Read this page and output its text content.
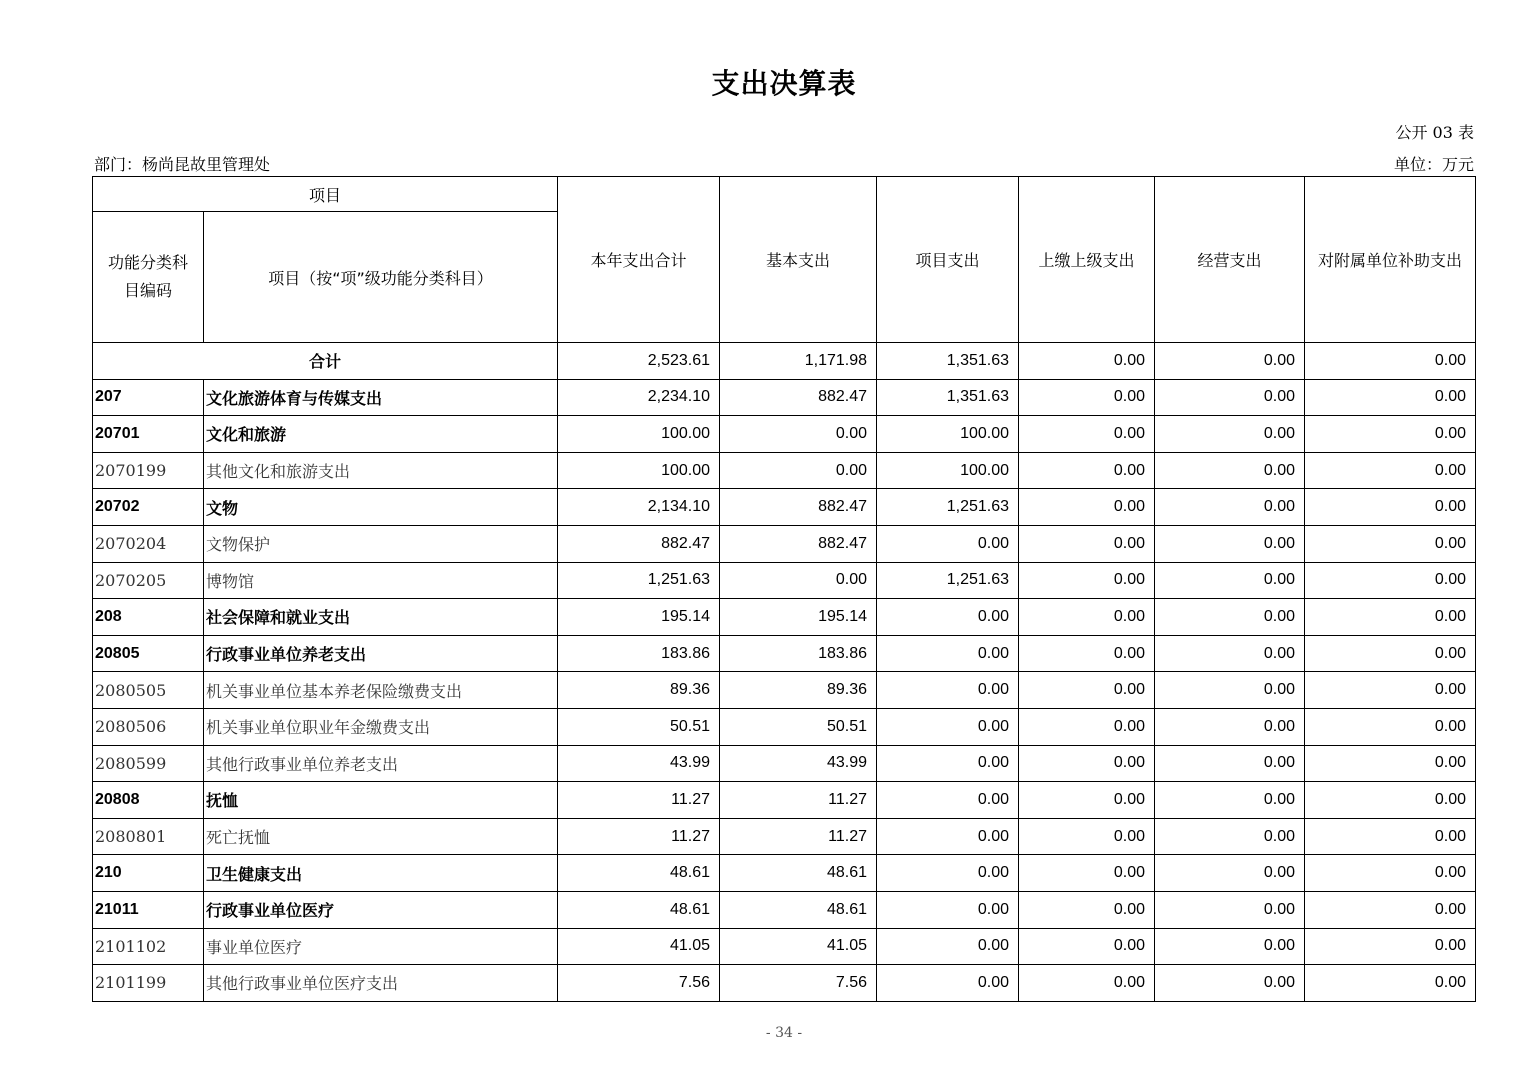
支出决算表
公开 03 表
部门：杨尚昆故里管理处	单位：万元
项目		本年支出合计	基本支出	项目支出	上缴上级支出	经营支出	对附属单位补助支出
功能分类科目编码	项目（按“项”级功能分类科目）						
合计		2,523.61	1,171.98	1,351.63	0.00	0.00	0.00
207	文化旅游体育与传媒支出	2,234.10	882.47	1,351.63	0.00	0.00	0.00
20701	文化和旅游	100.00	0.00	100.00	0.00	0.00	0.00
2070199	其他文化和旅游支出	100.00	0.00	100.00	0.00	0.00	0.00
20702	文物	2,134.10	882.47	1,251.63	0.00	0.00	0.00
2070204	文物保护	882.47	882.47	0.00	0.00	0.00	0.00
2070205	博物馆	1,251.63	0.00	1,251.63	0.00	0.00	0.00
208	社会保障和就业支出	195.14	195.14	0.00	0.00	0.00	0.00
20805	行政事业单位养老支出	183.86	183.86	0.00	0.00	0.00	0.00
2080505	机关事业单位基本养老保险缴费支出	89.36	89.36	0.00	0.00	0.00	0.00
2080506	机关事业单位职业年金缴费支出	50.51	50.51	0.00	0.00	0.00	0.00
2080599	其他行政事业单位养老支出	43.99	43.99	0.00	0.00	0.00	0.00
20808	抚恤	11.27	11.27	0.00	0.00	0.00	0.00
2080801	死亡抚恤	11.27	11.27	0.00	0.00	0.00	0.00
210	卫生健康支出	48.61	48.61	0.00	0.00	0.00	0.00
21011	行政事业单位医疗	48.61	48.61	0.00	0.00	0.00	0.00
2101102	事业单位医疗	41.05	41.05	0.00	0.00	0.00	0.00
2101199	其他行政事业单位医疗支出	7.56	7.56	0.00	0.00	0.00	0.00
- 34 -
